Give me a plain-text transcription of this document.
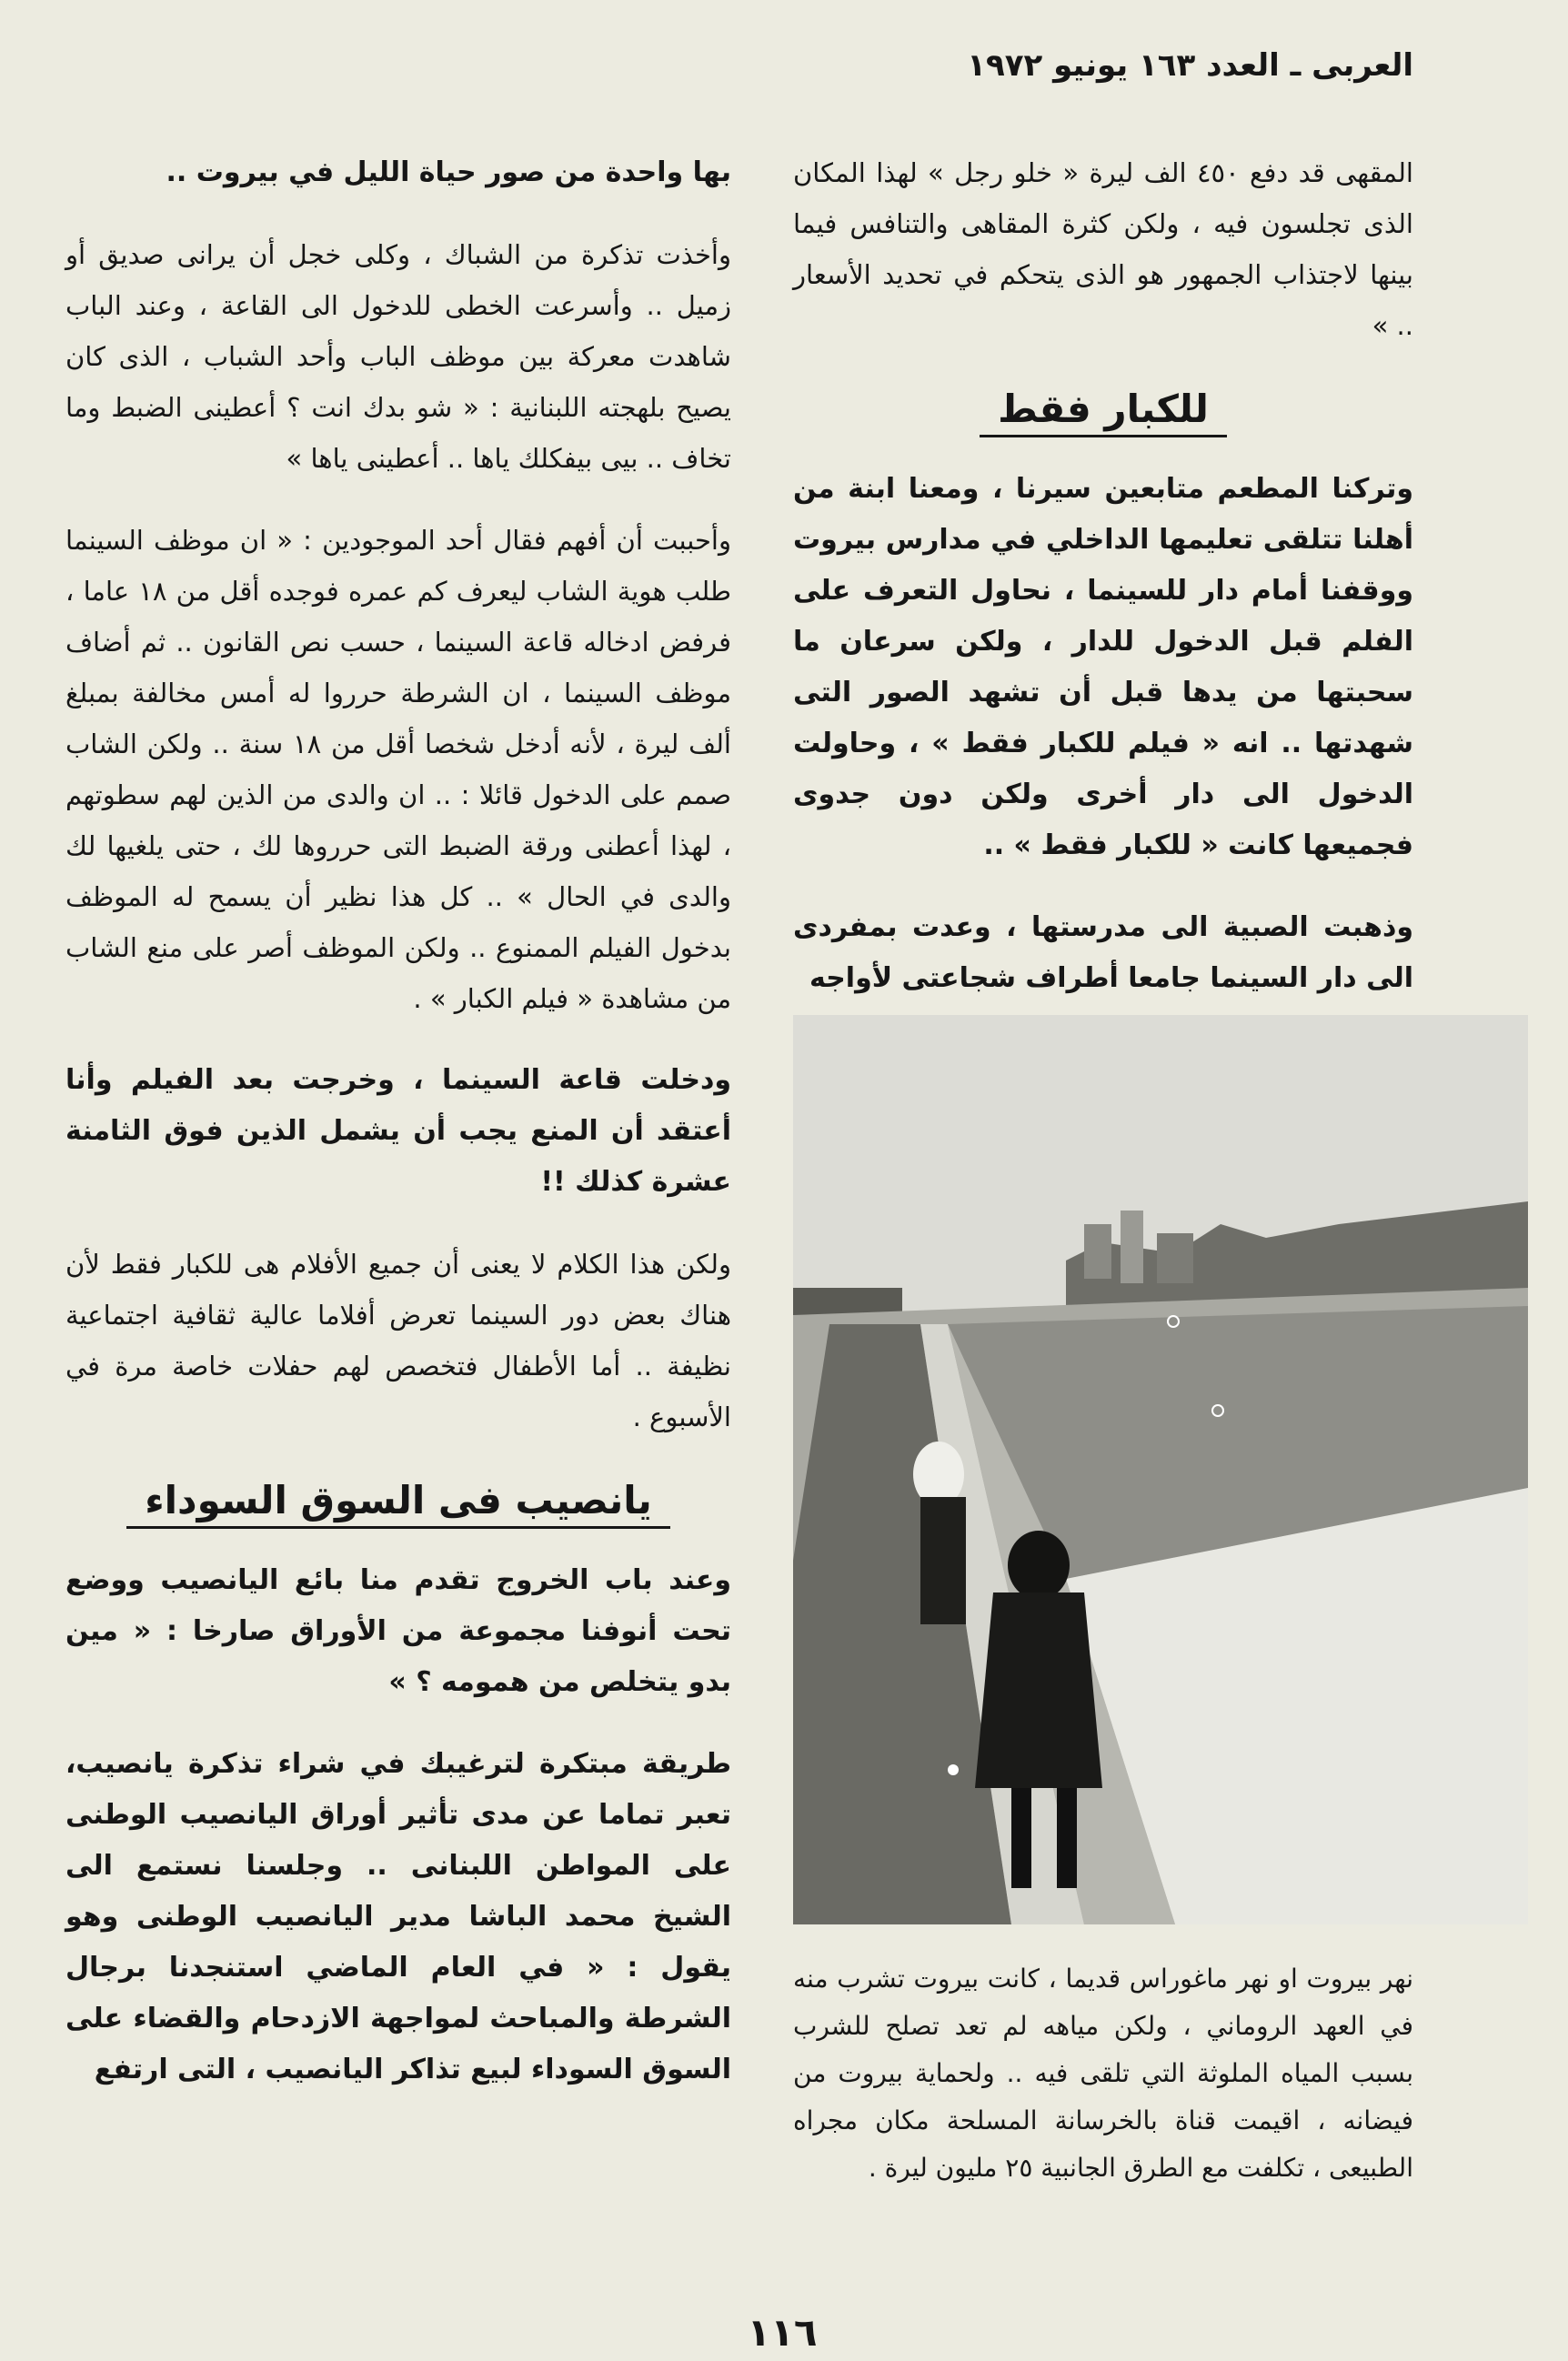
العربى ـ العدد ١٦٣ يونيو ١٩٧٢

المقهى قد دفع ٤٥٠ الف ليرة « خلو رجل » لهذا المكان الذى تجلسون فيه ، ولكن كثرة المقاهى والتنافس فيما بينها لاجتذاب الجمهور هو الذى يتحكم في تحديد الأسعار .. »

للكبار فقط

وتركنا المطعم متابعين سيرنا ، ومعنا ابنة من أهلنا تتلقى تعليمها الداخلي في مدارس بيروت ووقفنا أمام دار للسينما ، نحاول التعرف على الفلم قبل الدخول للدار ، ولكن سرعان ما سحبتها من يدها قبل أن تشهد الصور التى شهدتها .. انه « فيلم للكبار فقط » ، وحاولت الدخول الى دار أخرى ولكن دون جدوى فجميعها كانت « للكبار فقط » ..

وذهبت الصبية الى مدرستها ، وعدت بمفردى الى دار السينما جامعا أطراف شجاعتى لأواجه

نهر بيروت او نهر ماغوراس قديما ، كانت بيروت تشرب منه في العهد الروماني ، ولكن مياهه لم تعد تصلح للشرب بسبب المياه الملوثة التي تلقى فيه .. ولحماية بيروت من فيضانه ، اقيمت قناة بالخرسانة المسلحة مكان مجراه الطبيعى ، تكلفت مع الطرق الجانبية ٢٥ مليون ليرة .

بها واحدة من صور حياة الليل في بيروت ..

وأخذت تذكرة من الشباك ، وكلى خجل أن يرانى صديق أو زميل .. وأسرعت الخطى للدخول الى القاعة ، وعند الباب شاهدت معركة بين موظف الباب وأحد الشباب ، الذى كان يصيح بلهجته اللبنانية : « شو بدك انت ؟ أعطينى الضبط وما تخاف .. بيى بيفكلك ياها .. أعطينى ياها »

وأحببت أن أفهم فقال أحد الموجودين : « ان موظف السينما طلب هوية الشاب ليعرف كم عمره فوجده أقل من ١٨ عاما ، فرفض ادخاله قاعة السينما ، حسب نص القانون .. ثم أضاف موظف السينما ، ان الشرطة حرروا له أمس مخالفة بمبلغ ألف ليرة ، لأنه أدخل شخصا أقل من ١٨ سنة .. ولكن الشاب صمم على الدخول قائلا : .. ان والدى من الذين لهم سطوتهم ، لهذا أعطنى ورقة الضبط التى حرروها لك ، حتى يلغيها لك والدى في الحال » .. كل هذا نظير أن يسمح له الموظف بدخول الفيلم الممنوع .. ولكن الموظف أصر على منع الشاب من مشاهدة « فيلم الكبار » .

ودخلت قاعة السينما ، وخرجت بعد الفيلم وأنا أعتقد أن المنع يجب أن يشمل الذين فوق الثامنة عشرة كذلك !!

ولكن هذا الكلام لا يعنى أن جميع الأفلام هى للكبار فقط لأن هناك بعض دور السينما تعرض أفلاما عالية ثقافية اجتماعية نظيفة .. أما الأطفال فتخصص لهم حفلات خاصة مرة في الأسبوع .

يانصيب فى السوق السوداء

وعند باب الخروج تقدم منا بائع اليانصيب ووضع تحت أنوفنا مجموعة من الأوراق صارخا : « مين بدو يتخلص من همومه ؟ »

طريقة مبتكرة لترغيبك في شراء تذكرة يانصيب، تعبر تماما عن مدى تأثير أوراق اليانصيب الوطنى على المواطن اللبنانى .. وجلسنا نستمع الى الشيخ محمد الباشا مدير اليانصيب الوطنى وهو يقول : « في العام الماضي استنجدنا برجال الشرطة والمباحث لمواجهة الازدحام والقضاء على السوق السوداء لبيع تذاكر اليانصيب ، التى ارتفع

١١٦
